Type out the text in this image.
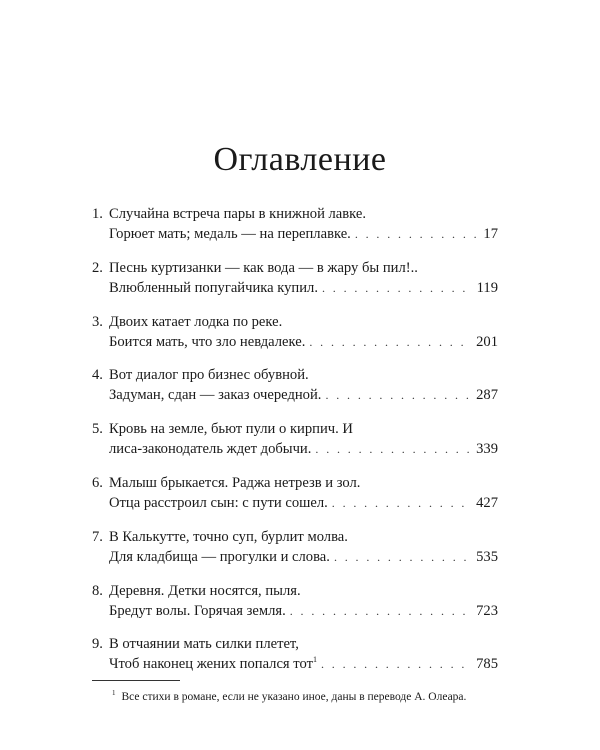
Оглавление
1. Случайна встреча пары в книжной лавке.
Горюет мать; медаль — на переплавке. . . .	17
2. Песнь куртизанки — как вода — в жару бы пил!..
Влюбленный попугайчика купил. . . .	119
3. Двоих катает лодка по реке.
Боится мать, что зло невдалеке. . . .	201
4. Вот диалог про бизнес обувной.
Задуман, сдан — заказ очередной. . . .	287
5. Кровь на земле, бьют пули о кирпич. И
лиса-законодатель ждет добычи. . . .	339
6. Малыш брыкается. Раджа нетрезв и зол.
Отца расстроил сын: с пути сошел. . . .	427
7. В Калькутте, точно суп, бурлит молва.
Для кладбища — прогулки и слова. . . .	535
8. Деревня. Детки носятся, пыля.
Бредут волы. Горячая земля. . . .	723
9. В отчаянии мать силки плетет,
Чтоб наконец жених попался тот$^1$ . . .	785
$^1$ Все стихи в романе, если не указано иное, даны в переводе А. Олеара.
